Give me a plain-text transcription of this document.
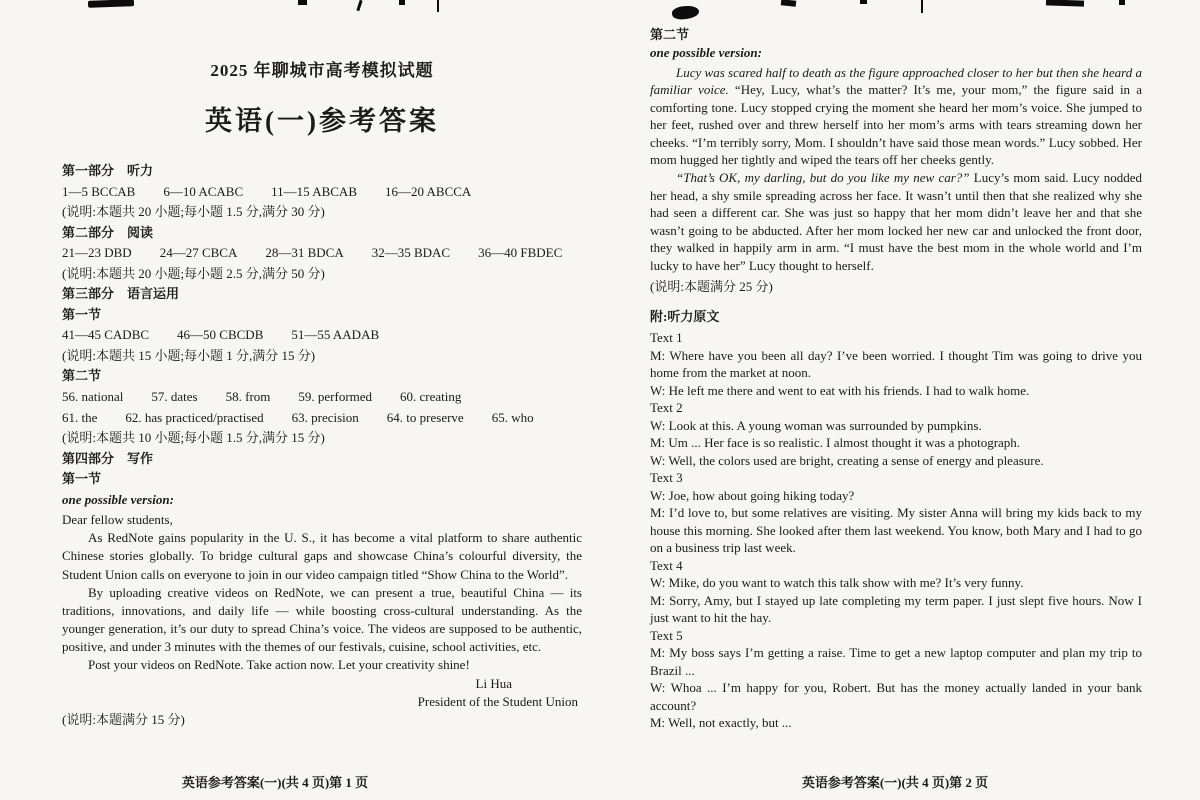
2025 年聊城市高考模拟试题
英语(一)参考答案
第一部分　听力
1—5 BCCAB 6—10 ACABC 11—15 ABCAB 16—20 ABCCA
(说明:本题共 20 小题;每小题 1.5 分,满分 30 分)
第二部分　阅读
21—23 DBD 24—27 CBCA 28—31 BDCA 32—35 BDAC 36—40 FBDEC
(说明:本题共 20 小题;每小题 2.5 分,满分 50 分)
第三部分　语言运用
第一节
41—45 CADBC 46—50 CBCDB 51—55 AADAB
(说明:本题共 15 小题;每小题 1 分,满分 15 分)
第二节
56. national 57. dates 58. from 59. performed 60. creating
61. the 62. has practiced/practised 63. precision 64. to preserve 65. who
(说明:本题共 10 小题;每小题 1.5 分,满分 15 分)
第四部分　写作
第一节
one possible version:

Dear fellow students,

As RedNote gains popularity in the U. S., it has become a vital platform to share authentic Chinese stories globally. To bridge cultural gaps and showcase China’s colourful diversity, the Student Union calls on everyone to join in our video campaign titled “Show China to the World”.

By uploading creative videos on RedNote, we can present a true, beautiful China — its traditions, innovations, and daily life — while boosting cross-cultural understanding. As the younger generation, it’s our duty to spread China’s voice. The videos are supposed to be authentic, positive, and under 3 minutes with the themes of our festivals, cuisine, school activities, etc.

Post your videos on RedNote. Take action now. Let your creativity shine!

Li Hua
President of the Student Union
(说明:本题满分 15 分)
第二节
one possible version:

Lucy was scared half to death as the figure approached closer to her but then she heard a familiar voice. “Hey, Lucy, what’s the matter? It’s me, your mom,” the figure said in a comforting tone. Lucy stopped crying the moment she heard her mom’s voice. She jumped to her feet, rushed over and threw herself into her mom’s arms with tears streaming down her cheeks. “I’m terribly sorry, Mom. I shouldn’t have said those mean words.” Lucy sobbed. Her mom hugged her tightly and wiped the tears off her cheeks gently.

“That’s OK, my darling, but do you like my new car?” Lucy’s mom said. Lucy nodded her head, a shy smile spreading across her face. It wasn’t until then that she realized why she had seen a different car. She was just so happy that her mom didn’t leave her and that she wasn’t going to be abducted. After her mom locked her new car and unlocked the front door, they walked in happily arm in arm. “I must have the best mom in the whole world and I’m lucky to have her” Lucy thought to herself.

(说明:本题满分 25 分)
附:听力原文
Text 1
M: Where have you been all day? I’ve been worried. I thought Tim was going to drive you home from the market at noon.
W: He left me there and went to eat with his friends. I had to walk home.
Text 2
W: Look at this. A young woman was surrounded by pumpkins.
M: Um ... Her face is so realistic. I almost thought it was a photograph.
W: Well, the colors used are bright, creating a sense of energy and pleasure.
Text 3
W: Joe, how about going hiking today?
M: I’d love to, but some relatives are visiting. My sister Anna will bring my kids back to my house this morning. She looked after them last weekend. You know, both Mary and I had to go on a business trip last week.
Text 4
W: Mike, do you want to watch this talk show with me? It’s very funny.
M: Sorry, Amy, but I stayed up late completing my term paper. I just slept five hours. Now I just want to hit the hay.
Text 5
M: My boss says I’m getting a raise. Time to get a new laptop computer and plan my trip to Brazil ...
W: Whoa ... I’m happy for you, Robert. But has the money actually landed in your bank account?
M: Well, not exactly, but ...
英语参考答案(一)(共 4 页)第 1 页	英语参考答案(一)(共 4 页)第 2 页
